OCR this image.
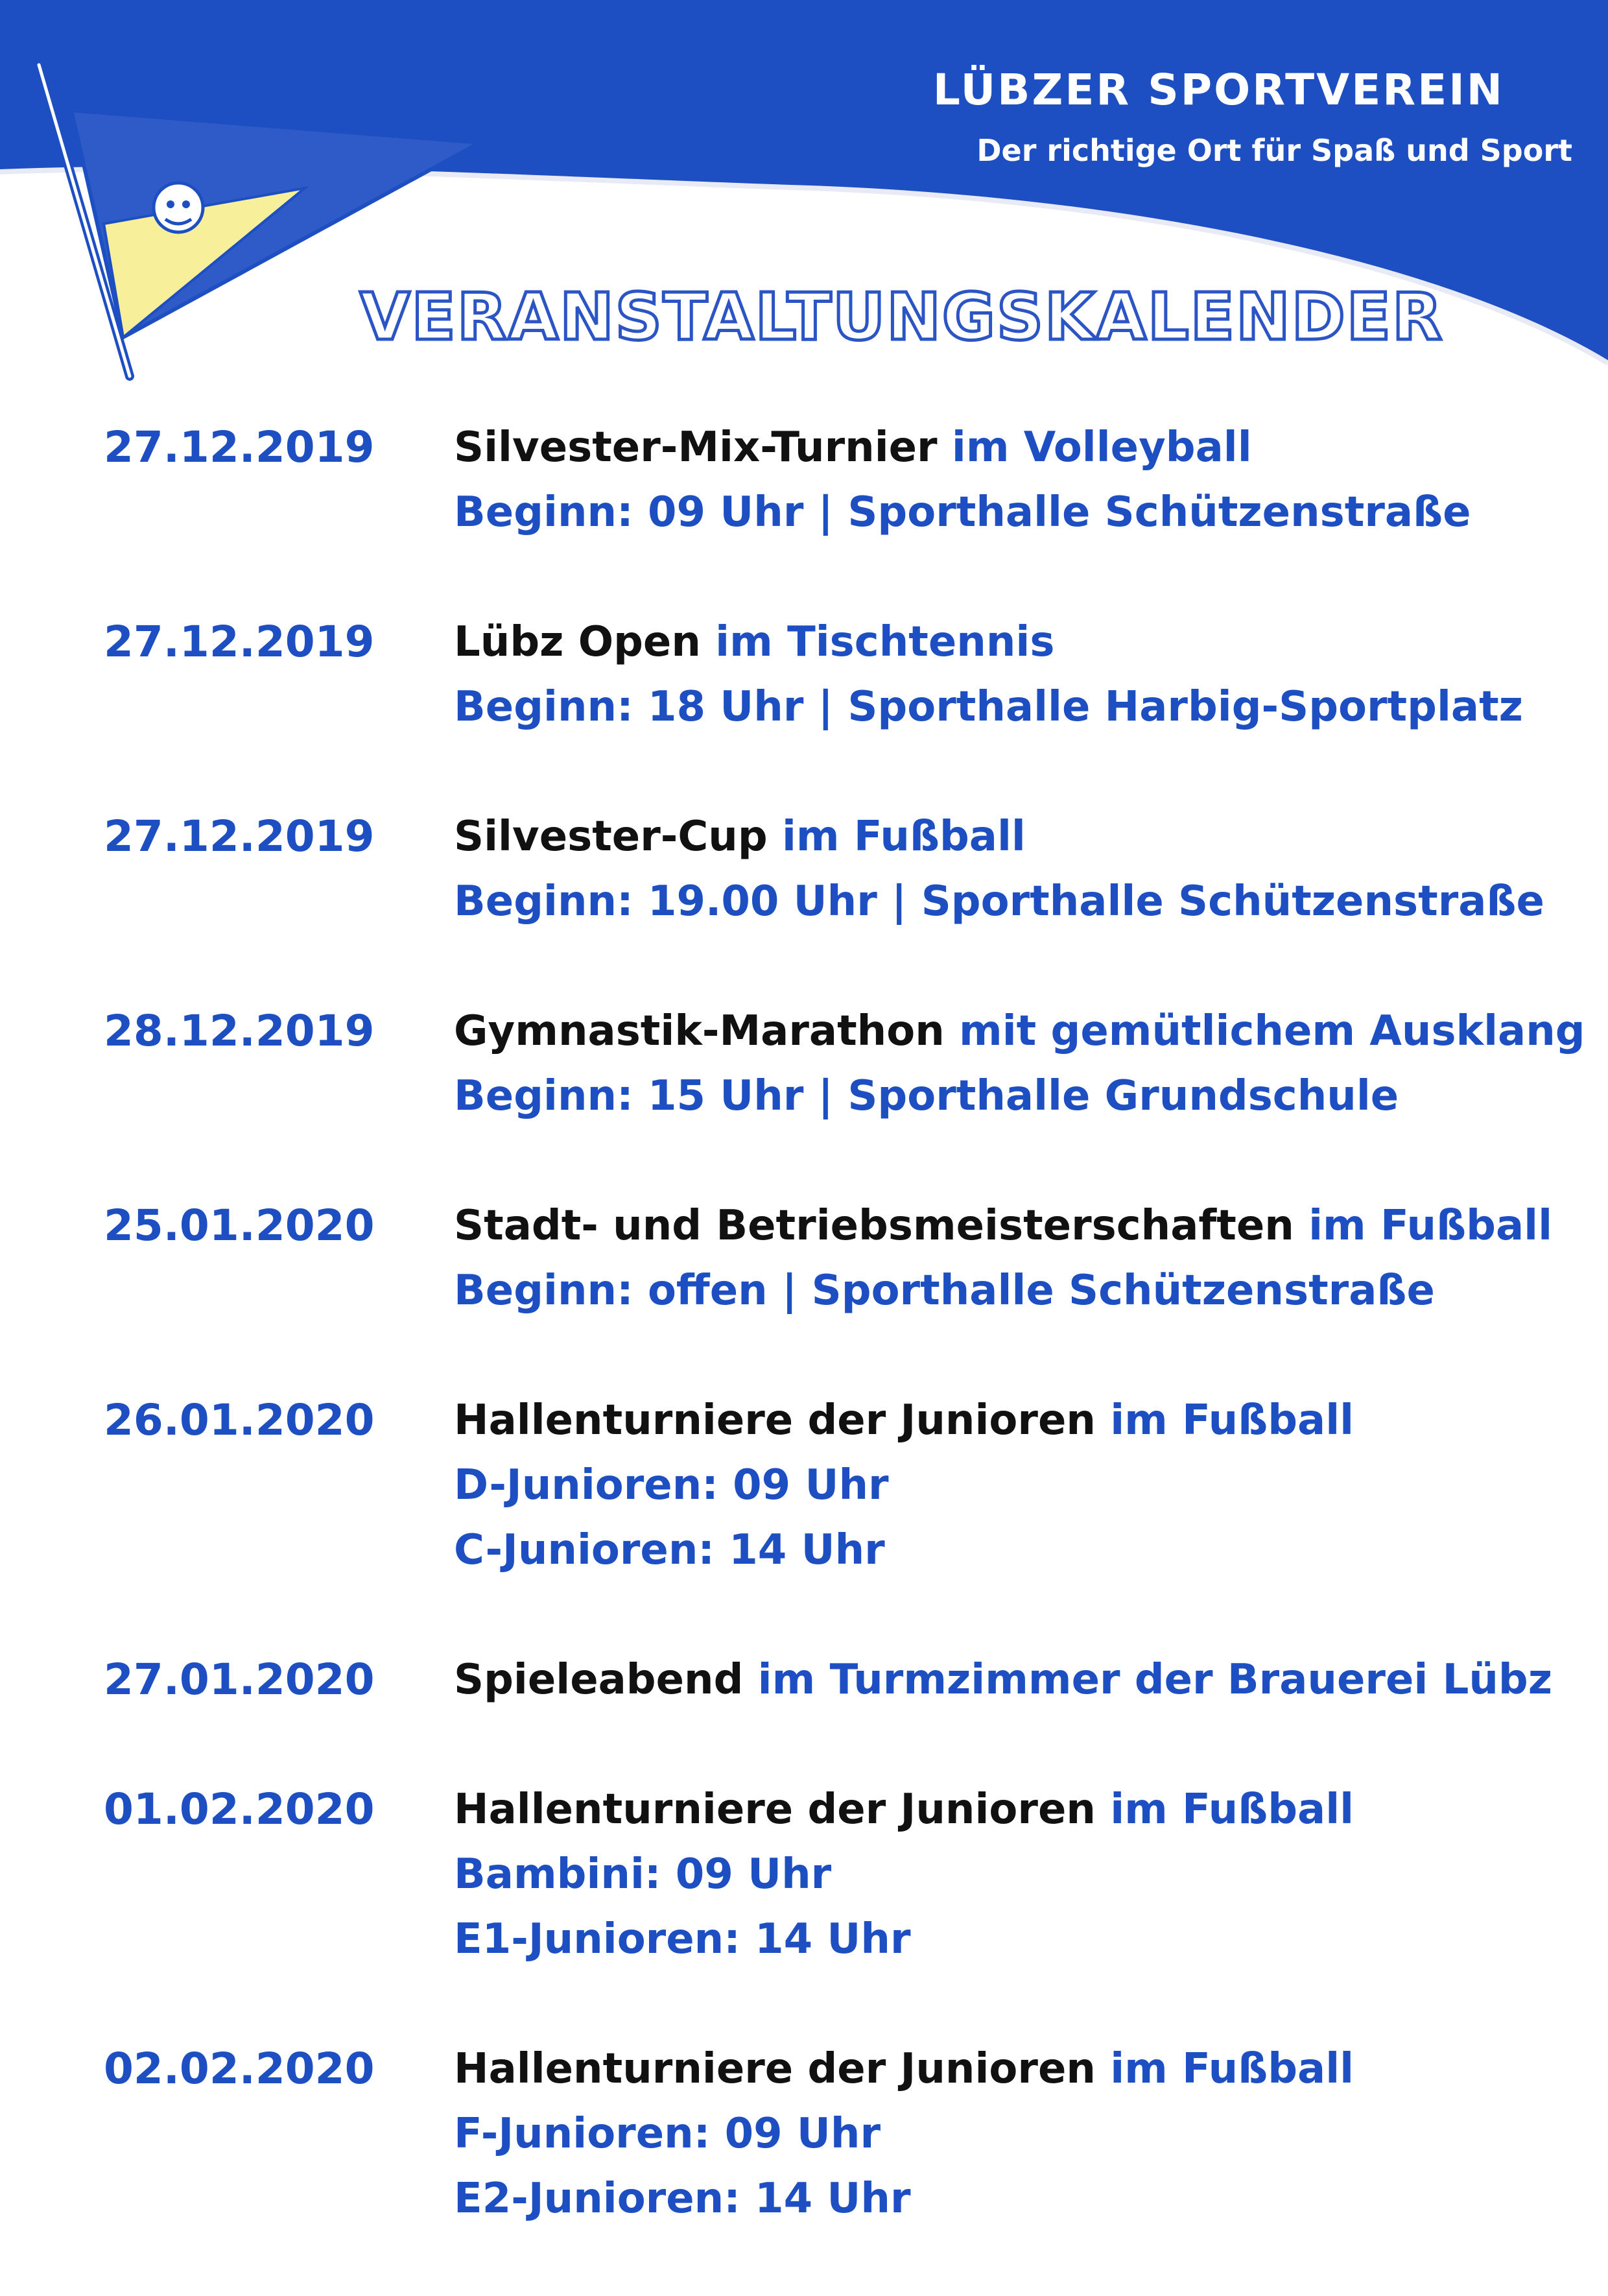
LÜBZER SPORTVEREIN
Der richtige Ort für Spaß und Sport
VERANSTALTUNGSKALENDER
27.12.2019	Silvester-Mix-Turnier im Volleyball
Beginn: 09 Uhr | Sporthalle Schützenstraße
27.12.2019	Lübz Open im Tischtennis
Beginn: 18 Uhr | Sporthalle Harbig-Sportplatz
27.12.2019	Silvester-Cup im Fußball
Beginn: 19.00 Uhr | Sporthalle Schützenstraße
28.12.2019	Gymnastik-Marathon mit gemütlichem Ausklang
Beginn: 15 Uhr | Sporthalle Grundschule
25.01.2020	Stadt- und Betriebsmeisterschaften im Fußball
Beginn: offen | Sporthalle Schützenstraße
26.01.2020	Hallenturniere der Junioren im Fußball
D-Junioren: 09 Uhr
C-Junioren: 14 Uhr
27.01.2020	Spieleabend im Turmzimmer der Brauerei Lübz
01.02.2020	Hallenturniere der Junioren im Fußball
Bambini: 09 Uhr
E1-Junioren: 14 Uhr
02.02.2020	Hallenturniere der Junioren im Fußball
F-Junioren: 09 Uhr
E2-Junioren: 14 Uhr
